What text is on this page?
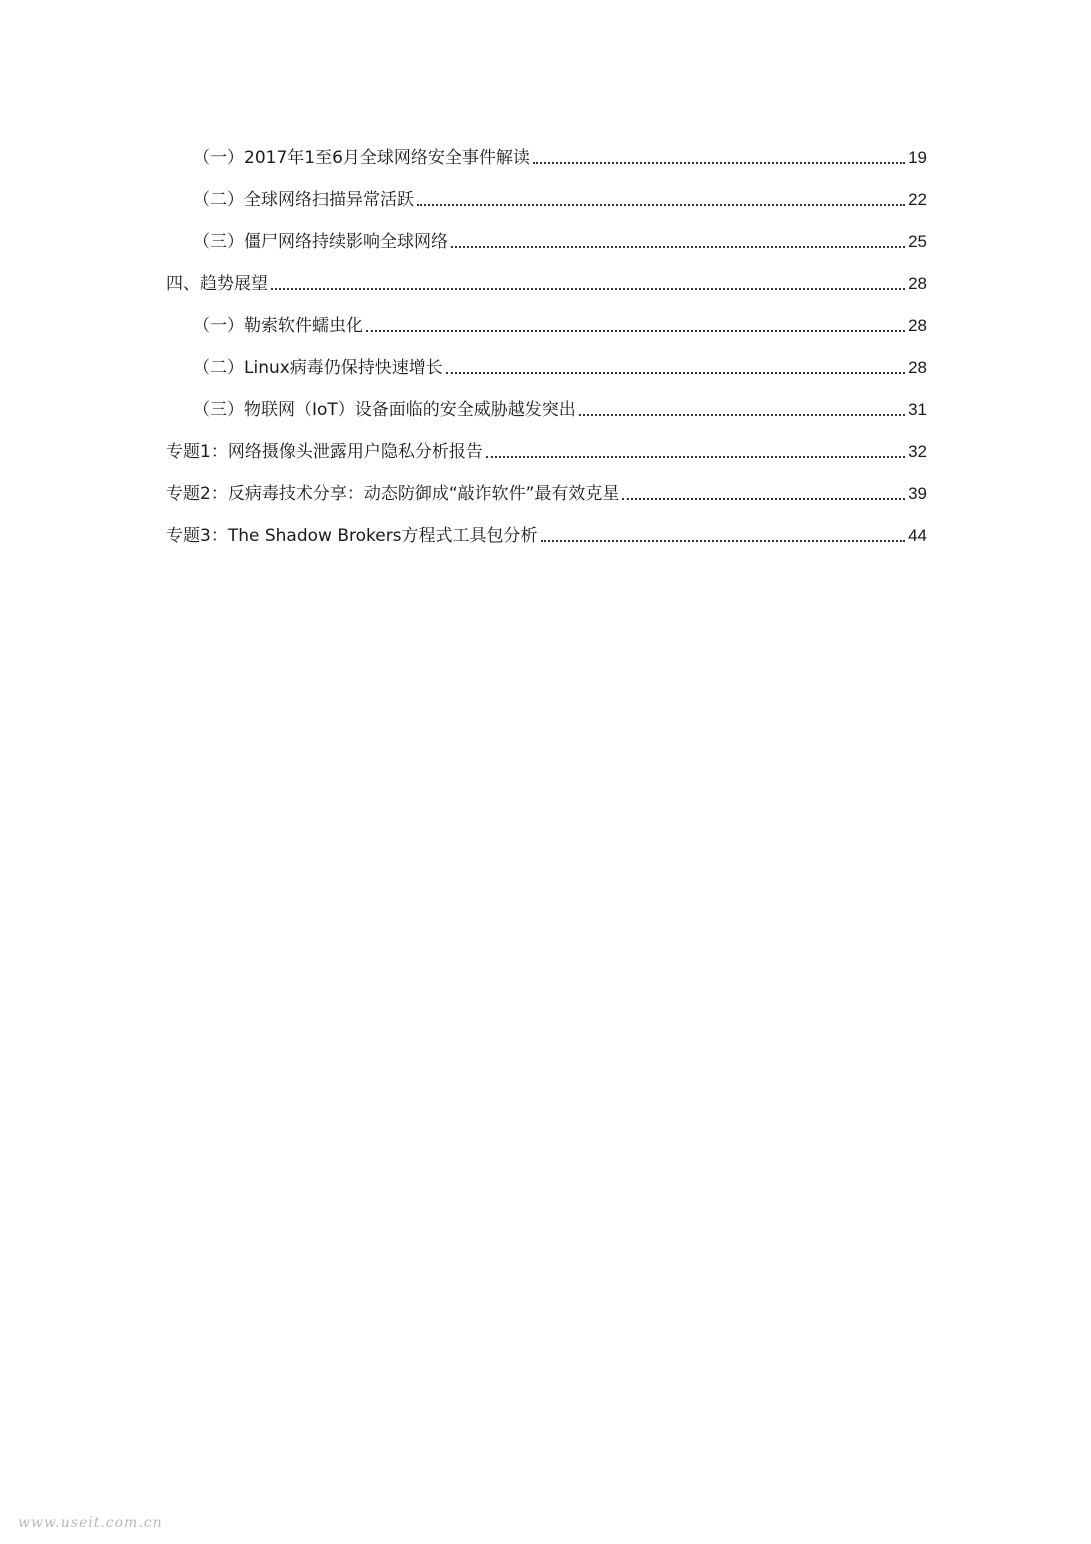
（一）2017年1至6月全球网络安全事件解读	19
（二）全球网络扫描异常活跃	22
（三）僵尸网络持续影响全球网络	25
四、趋势展望	28
（一）勒索软件蠕虫化	28
（二）Linux病毒仍保持快速增长	28
（三）物联网（IoT）设备面临的安全威胁越发突出	31
专题1：网络摄像头泄露用户隐私分析报告	32
专题2：反病毒技术分享：动态防御成“敲诈软件”最有效克星	39
专题3：The Shadow Brokers方程式工具包分析	44
www.useit.com.cn
